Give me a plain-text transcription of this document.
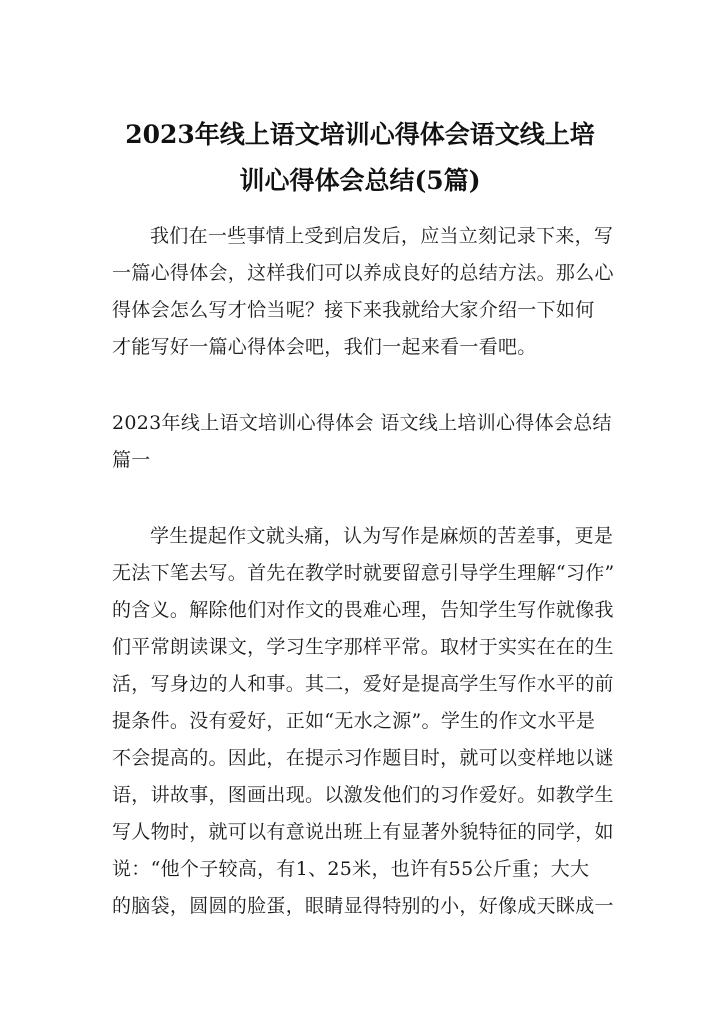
2023年线上语文培训心得体会语文线上培
训心得体会总结(5篇)

我们在一些事情上受到启发后，应当立刻记录下来，写
一篇心得体会，这样我们可以养成良好的总结方法。那么心
得体会怎么写才恰当呢？接下来我就给大家介绍一下如何
才能写好一篇心得体会吧，我们一起来看一看吧。

2023年线上语文培训心得体会 语文线上培训心得体会总结
篇一

学生提起作文就头痛，认为写作是麻烦的苦差事，更是
无法下笔去写。首先在教学时就要留意引导学生理解“习作”
的含义。解除他们对作文的畏难心理，告知学生写作就像我
们平常朗读课文，学习生字那样平常。取材于实实在在的生
活，写身边的人和事。其二，爱好是提高学生写作水平的前
提条件。没有爱好，正如“无水之源”。学生的作文水平是
不会提高的。因此，在提示习作题目时，就可以变样地以谜
语，讲故事，图画出现。以激发他们的习作爱好。如教学生
写人物时，就可以有意说出班上有显著外貌特征的同学，如
说：“他个子较高，有1、25米，也许有55公斤重；大大
的脑袋，圆圆的脸蛋，眼睛显得特别的小，好像成天眯成一
